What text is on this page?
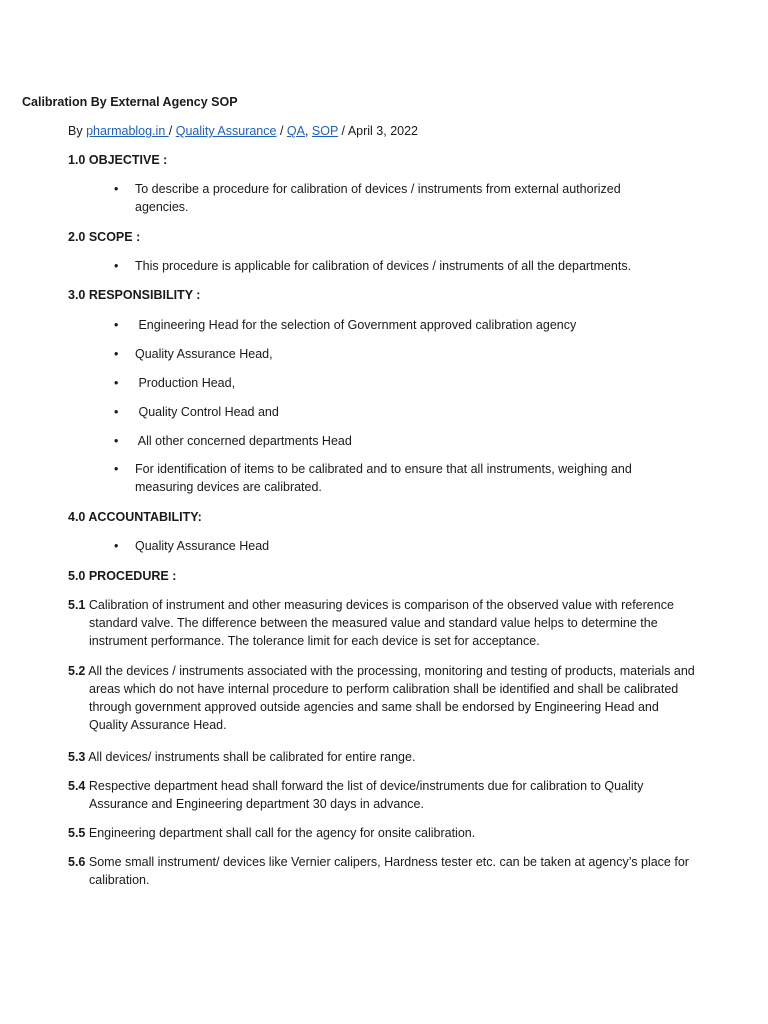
Calibration By External Agency SOP
By pharmablog.in / Quality Assurance / QA, SOP / April 3, 2022
1.0 OBJECTIVE :
• To describe a procedure for calibration of devices / instruments from external authorized agencies.
2.0 SCOPE :
• This procedure is applicable for calibration of devices / instruments of all the departments.
3.0 RESPONSIBILITY :
• Engineering Head for the selection of Government approved calibration agency
• Quality Assurance Head,
• Production Head,
• Quality Control Head and
• All other concerned departments Head
• For identification of items to be calibrated and to ensure that all instruments, weighing and measuring devices are calibrated.
4.0 ACCOUNTABILITY:
• Quality Assurance Head
5.0 PROCEDURE :
5.1 Calibration of instrument and other measuring devices is comparison of the observed value with reference standard valve. The difference between the measured value and standard value helps to determine the instrument performance. The tolerance limit for each device is set for acceptance.
5.2 All the devices / instruments associated with the processing, monitoring and testing of products, materials and areas which do not have internal procedure to perform calibration shall be identified and shall be calibrated through government approved outside agencies and same shall be endorsed by Engineering Head and Quality Assurance Head.
5.3 All devices/ instruments shall be calibrated for entire range.
5.4 Respective department head shall forward the list of device/instruments due for calibration to Quality Assurance and Engineering department 30 days in advance.
5.5 Engineering department shall call for the agency for onsite calibration.
5.6 Some small instrument/ devices like Vernier calipers, Hardness tester etc. can be taken at agency’s place for calibration.
